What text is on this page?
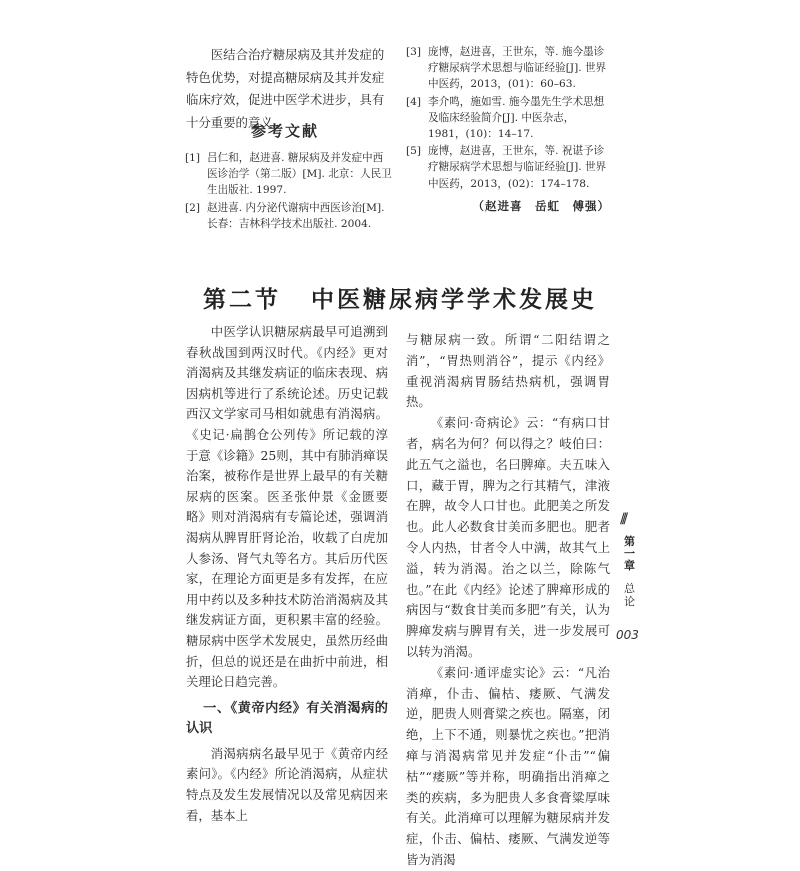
医结合治疗糖尿病及其并发症的特色优势，对提高糖尿病及其并发症临床疗效，促进中医学术进步，具有十分重要的意义。

参考文献
[1] 吕仁和，赵进喜. 糖尿病及并发症中西医诊治学（第二版）[M]. 北京：人民卫生出版社. 1997.
[2] 赵进喜. 内分泌代谢病中西医诊治[M]. 长春：吉林科学技术出版社. 2004.
[3] 庞博，赵进喜，王世东，等. 施今墨诊疗糖尿病学术思想与临证经验[J]. 世界中医药，2013，(01)：60–63.
[4] 李介鸣，施如雪. 施今墨先生学术思想及临床经验简介[J]. 中医杂志，1981，(10)：14–17.
[5] 庞博，赵进喜，王世东，等. 祝谌予诊疗糖尿病学术思想与临证经验[J]. 世界中医药，2013，(02)：174–178.
（赵进喜　岳虹　傅强）
第二节 中医糖尿病学学术发展史

中医学认识糖尿病最早可追溯到春秋战国到两汉时代。《内经》更对消渴病及其继发病证的临床表现、病因病机等进行了系统论述。历史记载西汉文学家司马相如就患有消渴病。《史记·扁鹊仓公列传》所记载的淳于意《诊籍》25则，其中有肺消瘅误治案，被称作是世界上最早的有关糖尿病的医案。医圣张仲景《金匮要略》则对消渴病有专篇论述，强调消渴病从脾胃肝肾论治，收载了白虎加人参汤、肾气丸等名方。其后历代医家，在理论方面更是多有发挥，在应用中药以及多种技术防治消渴病及其继发病证方面，更积累丰富的经验。糖尿病中医学术发展史，虽然历经曲折，但总的说还是在曲折中前进，相关理论日趋完善。

一、《黄帝内经》有关消渴病的认识

消渴病病名最早见于《黄帝内经素问》。《内经》所论消渴病，从症状特点及发生发展情况以及常见病因来看，基本上

与糖尿病一致。所谓“二阳结谓之消”，“胃热则消谷”，提示《内经》重视消渴病胃肠结热病机，强调胃热。

《素问·奇病论》云：“有病口甘者，病名为何？何以得之？岐伯曰：此五气之溢也，名曰脾瘅。夫五味入口，藏于胃，脾为之行其精气，津液在脾，故令人口甘也。此肥美之所发也。此人必数食甘美而多肥也。肥者令人内热，甘者令人中满，故其气上溢，转为消渴。治之以兰，除陈气也。”在此《内经》论述了脾瘅形成的病因与“数食甘美而多肥”有关，认为脾瘅发病与脾胃有关，进一步发展可以转为消渴。

《素问·通评虚实论》云：“凡治消瘅，仆击、偏枯、痿厥、气满发逆，肥贵人则膏粱之疾也。隔塞，闭绝，上下不通，则暴忧之疾也。”把消瘅与消渴病常见并发症“仆击”“偏枯”“痿厥”等并称，明确指出消瘅之类的疾病，多为肥贵人多食膏粱厚味有关。此消瘅可以理解为糖尿病并发症，仆击、偏枯、痿厥、气满发逆等皆为消渴

///
第一章
总论
003
